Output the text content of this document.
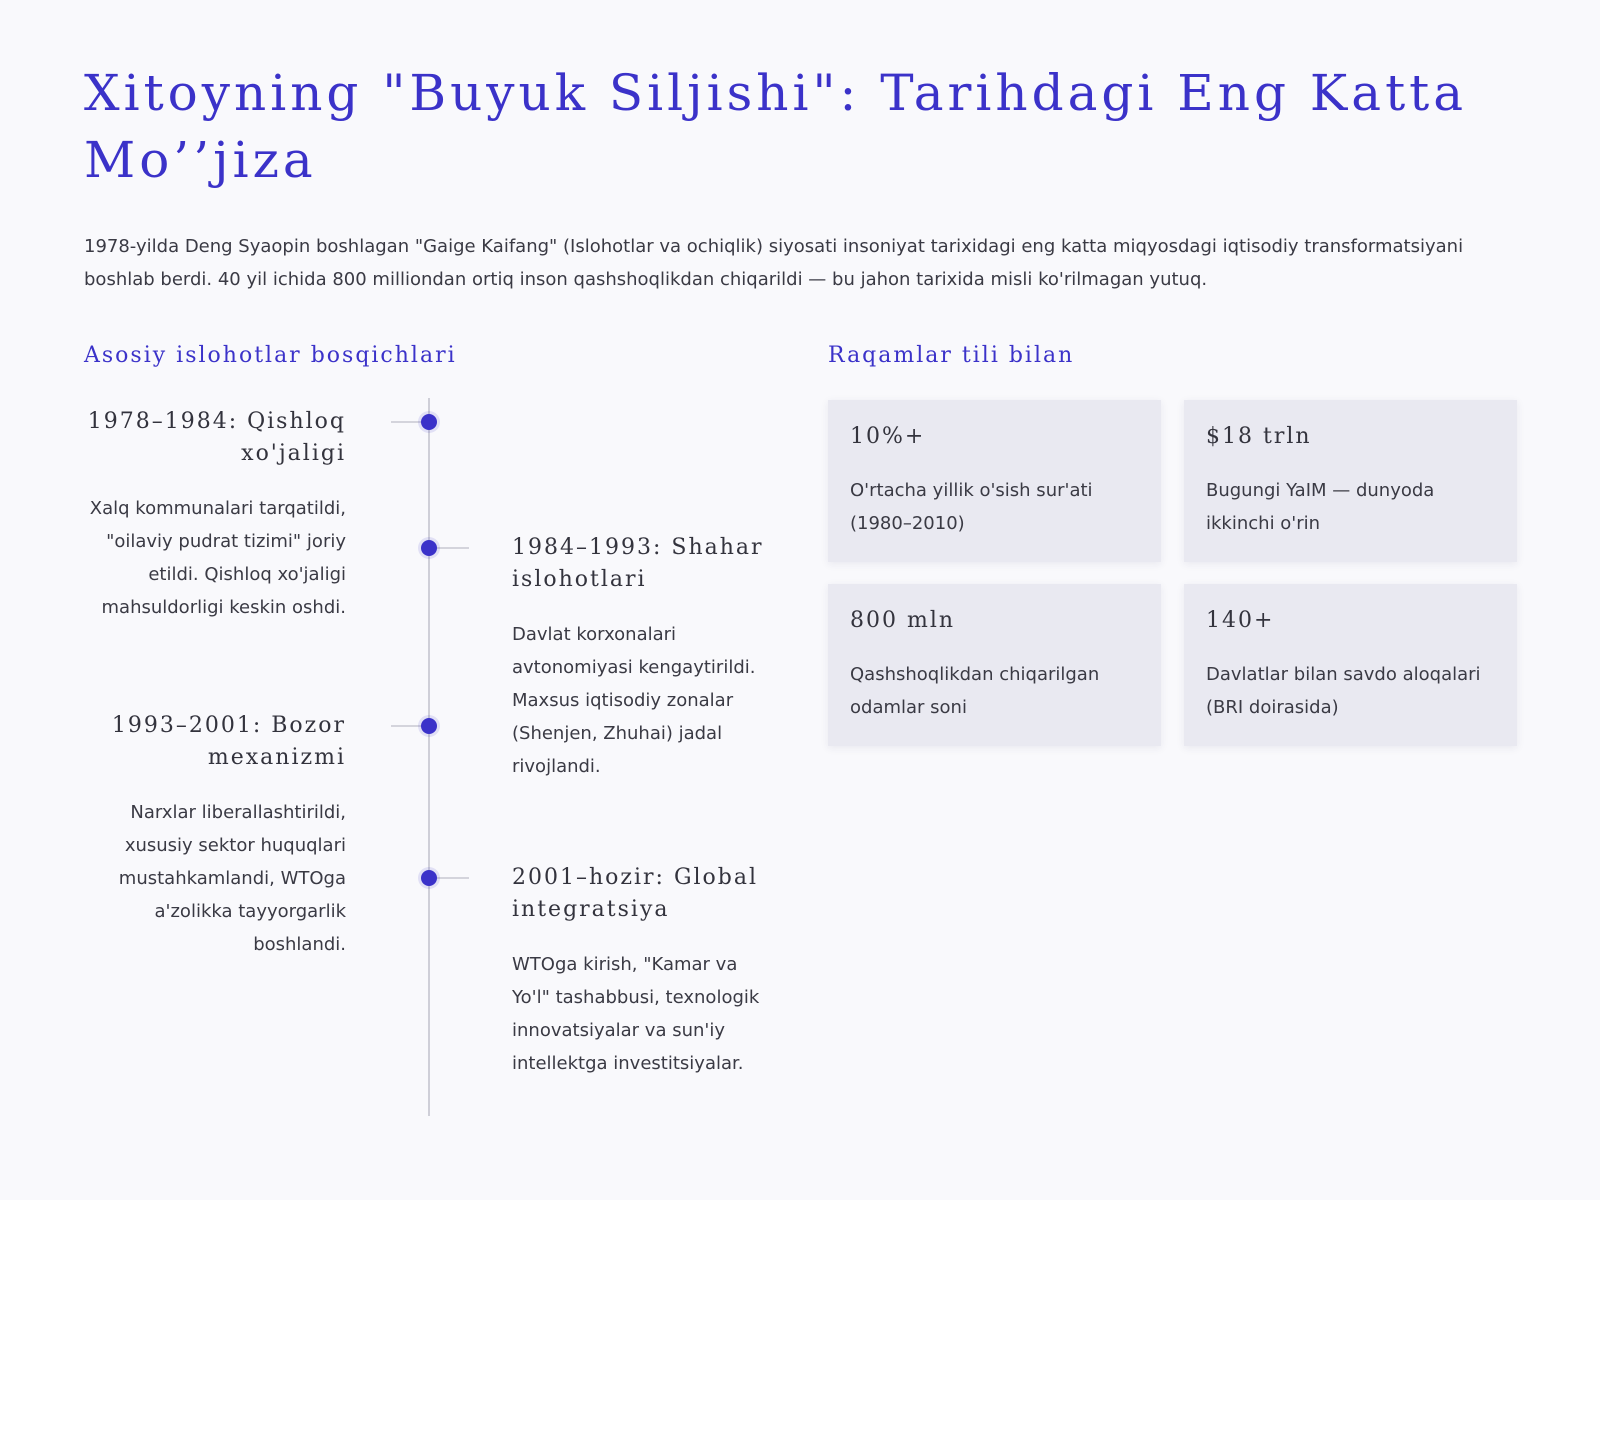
Xitoyning "Buyuk Siljishi": Tarihdagi Eng Katta Mo’’jiza

1978-yilda Deng Syaopin boshlagan "Gaige Kaifang" (Islohotlar va ochiqlik) siyosati insoniyat tarixidagi eng katta miqyosdagi iqtisodiy transformatsiyani boshlab berdi. 40 yil ichida 800 milliondan ortiq inson qashshoqlikdan chiqarildi — bu jahon tarixida misli ko'rilmagan yutuq.

Asosiy islohotlar bosqichlari
1978–1984: Qishloq xo'jaligi

Xalq kommunalari tarqatildi, "oilaviy pudrat tizimi" joriy etildi. Qishloq xo'jaligi mahsuldorligi keskin oshdi.

1984–1993: Shahar islohotlari

Davlat korxonalari avtonomiyasi kengaytirildi. Maxsus iqtisodiy zonalar (Shenjen, Zhuhai) jadal rivojlandi.

1993–2001: Bozor mexanizmi

Narxlar liberallashtirildi, xususiy sektor huquqlari mustahkamlandi, WTOga a'zolikka tayyorgarlik boshlandi.

2001–hozir: Global integratsiya

WTOga kirish, "Kamar va Yo'l" tashabbusi, texnologik innovatsiyalar va sun'iy intellektga investitsiyalar.

Raqamlar tili bilan

10%+

O'rtacha yillik o'sish sur'ati (1980–2010)

$18 trln

Bugungi YaIM — dunyoda ikkinchi o'rin

800 mln

Qashshoqlikdan chiqarilgan odamlar soni

140+

Davlatlar bilan savdo aloqalari (BRI doirasida)
